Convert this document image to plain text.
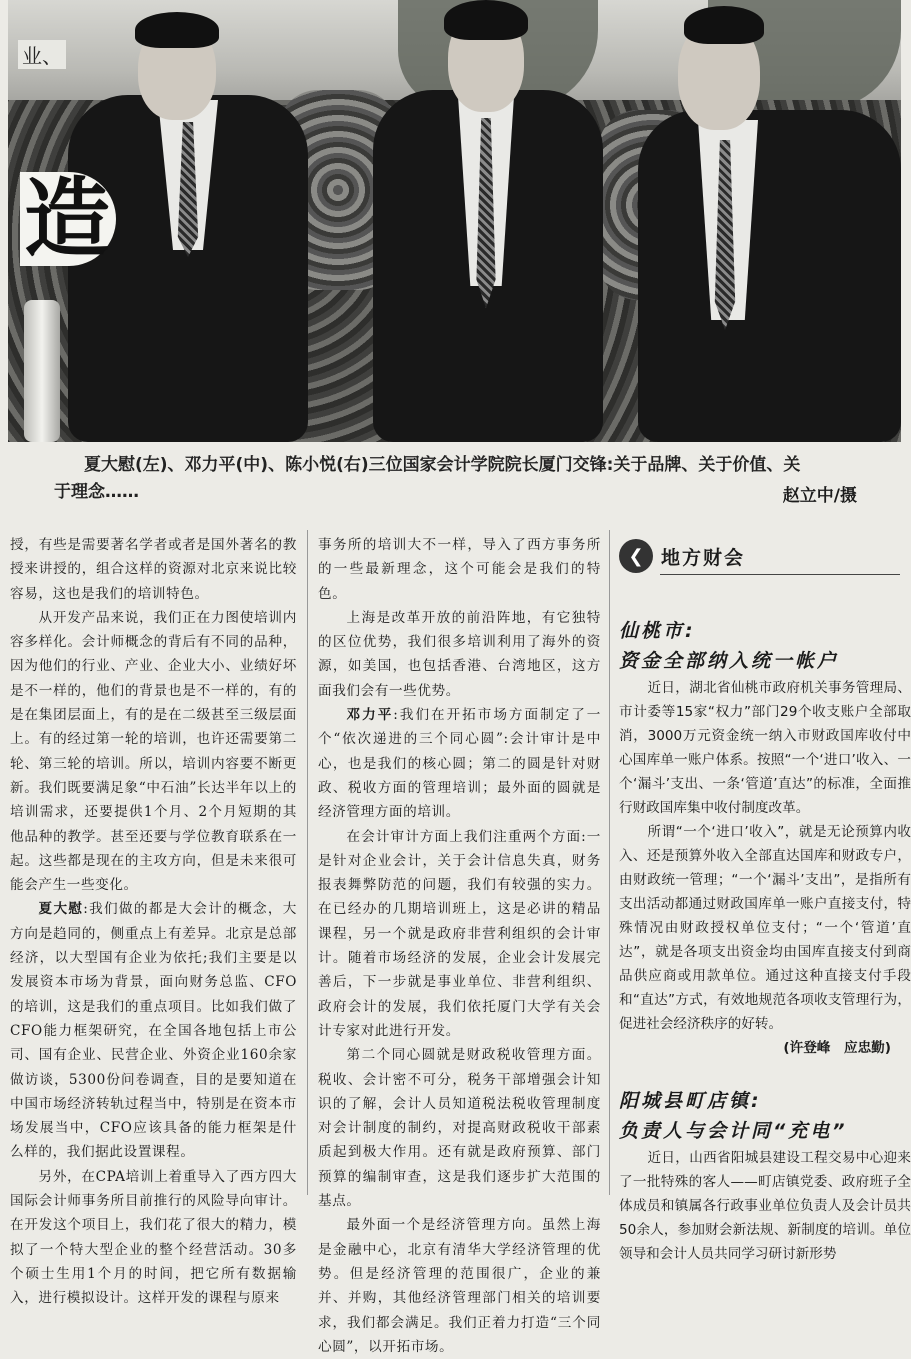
业、
造
夏大慰(左)、邓力平(中)、陈小悦(右)三位国家会计学院院长厦门交锋:关于品牌、关于价值、关
于理念……	赵立中/摄

授，有些是需要著名学者或者是国外著名的教授来讲授的，组合这样的资源对北京来说比较容易，这也是我们的培训特色。

从开发产品来说，我们正在力图使培训内容多样化。会计师概念的背后有不同的品种，因为他们的行业、产业、企业大小、业绩好坏是不一样的，他们的背景也是不一样的，有的是在集团层面上，有的是在二级甚至三级层面上。有的经过第一轮的培训，也许还需要第二轮、第三轮的培训。所以，培训内容要不断更新。我们既要满足象“中石油”长达半年以上的培训需求，还要提供1个月、2个月短期的其他品种的教学。甚至还要与学位教育联系在一起。这些都是现在的主攻方向，但是未来很可能会产生一些变化。

夏大慰:我们做的都是大会计的概念，大方向是趋同的，侧重点上有差异。北京是总部经济，以大型国有企业为依托;我们主要是以发展资本市场为背景，面向财务总监、CFO的培训，这是我们的重点项目。比如我们做了CFO能力框架研究，在全国各地包括上市公司、国有企业、民营企业、外资企业160余家做访谈，5300份问卷调查，目的是要知道在中国市场经济转轨过程当中，特别是在资本市场发展当中，CFO应该具备的能力框架是什么样的，我们据此设置课程。

另外，在CPA培训上着重导入了西方四大国际会计师事务所目前推行的风险导向审计。在开发这个项目上，我们花了很大的精力，模拟了一个特大型企业的整个经营活动。30多个硕士生用1个月的时间，把它所有数据输入，进行模拟设计。这样开发的课程与原来

事务所的培训大不一样，导入了西方事务所的一些最新理念，这个可能会是我们的特色。

上海是改革开放的前沿阵地，有它独特的区位优势，我们很多培训利用了海外的资源，如美国，也包括香港、台湾地区，这方面我们会有一些优势。

邓力平:我们在开拓市场方面制定了一个“依次递进的三个同心圆”:会计审计是中心，也是我们的核心圆；第二的圆是针对财政、税收方面的管理培训；最外面的圆就是经济管理方面的培训。

在会计审计方面上我们注重两个方面:一是针对企业会计，关于会计信息失真，财务报表舞弊防范的问题，我们有较强的实力。在已经办的几期培训班上，这是必讲的精品课程，另一个就是政府非营利组织的会计审计。随着市场经济的发展，企业会计发展完善后，下一步就是事业单位、非营利组织、政府会计的发展，我们依托厦门大学有关会计专家对此进行开发。

第二个同心圆就是财政税收管理方面。税收、会计密不可分，税务干部增强会计知识的了解，会计人员知道税法税收管理制度对会计制度的制约，对提高财政税收干部素质起到极大作用。还有就是政府预算、部门预算的编制审查，这是我们逐步扩大范围的基点。

最外面一个是经济管理方向。虽然上海是金融中心，北京有清华大学经济管理的优势。但是经济管理的范围很广，企业的兼并、并购，其他经济管理部门相关的培训要求，我们都会满足。我们正着力打造“三个同心圆”，以开拓市场。

❮ 地方财会

仙桃市:

资金全部纳入统一帐户

近日，湖北省仙桃市政府机关事务管理局、市计委等15家“权力”部门29个收支账户全部取消，3000万元资金统一纳入市财政国库收付中心国库单一账户体系。按照“一个‘进口’收入、一个‘漏斗’支出、一条‘管道’直达”的标准，全面推行财政国库集中收付制度改革。

所谓“一个‘进口’收入”，就是无论预算内收入、还是预算外收入全部直达国库和财政专户，由财政统一管理；“一个‘漏斗’支出”，是指所有支出活动都通过财政国库单一账户直接支付，特殊情况由财政授权单位支付；“一个‘管道’直达”，就是各项支出资金均由国库直接支付到商品供应商或用款单位。通过这种直接支付手段和“直达”方式，有效地规范各项收支管理行为，促进社会经济秩序的好转。

(许登峰　应忠勤)

阳城县町店镇:

负责人与会计同“充电”

近日，山西省阳城县建设工程交易中心迎来了一批特殊的客人——町店镇党委、政府班子全体成员和镇属各行政事业单位负责人及会计员共50余人，参加财会新法规、新制度的培训。单位领导和会计人员共同学习研讨新形势
